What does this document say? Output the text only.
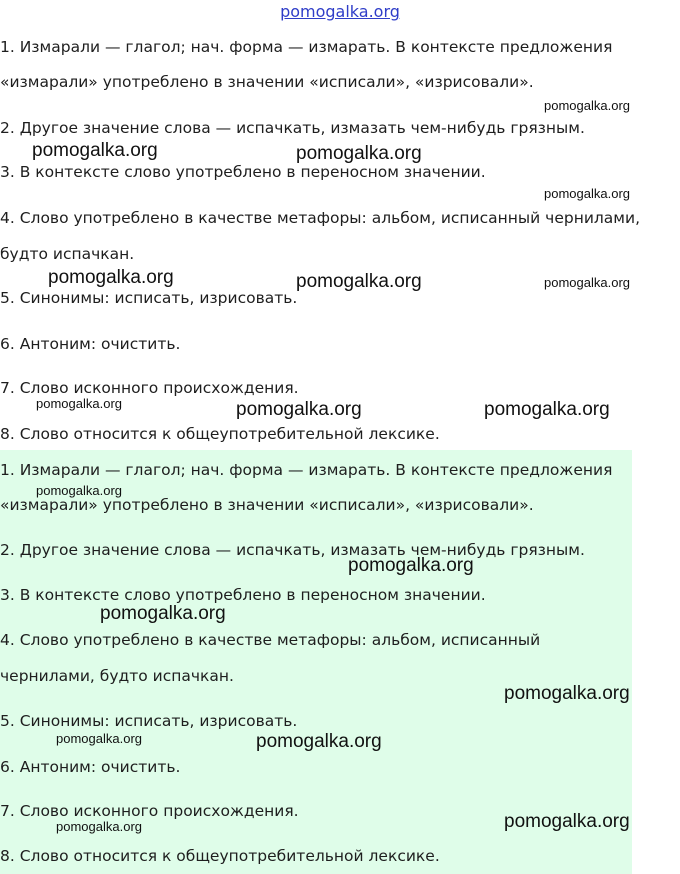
pomogalka.org
1. Измарали — глагол; нач. форма — измарать. В контексте предложения
«измарали» употреблено в значении «исписали», «изрисовали».
2. Другое значение слова — испачкать, измазать чем-нибудь грязным.
3. В контексте слово употреблено в переносном значении.
4. Слово употреблено в качестве метафоры: альбом, исписанный чернилами,
будто испачкан.
5. Синонимы: исписать, изрисовать.
6. Антоним: очистить.
7. Слово исконного происхождения.
8. Слово относится к общеупотребительной лексике.
1. Измарали — глагол; нач. форма — измарать. В контексте предложения
«измарали» употреблено в значении «исписали», «изрисовали».
2. Другое значение слова — испачкать, измазать чем-нибудь грязным.
3. В контексте слово употреблено в переносном значении.
4. Слово употреблено в качестве метафоры: альбом, исписанный
чернилами, будто испачкан.
5. Синонимы: исписать, изрисовать.
6. Антоним: очистить.
7. Слово исконного происхождения.
8. Слово относится к общеупотребительной лексике.
pomogalka.org
pomogalka.org	pomogalka.org
pomogalka.org
pomogalka.org	pomogalka.org	pomogalka.org
pomogalka.org	pomogalka.org	pomogalka.org
pomogalka.org
pomogalka.org
pomogalka.org
pomogalka.org
pomogalka.org	pomogalka.org
pomogalka.org	pomogalka.org
